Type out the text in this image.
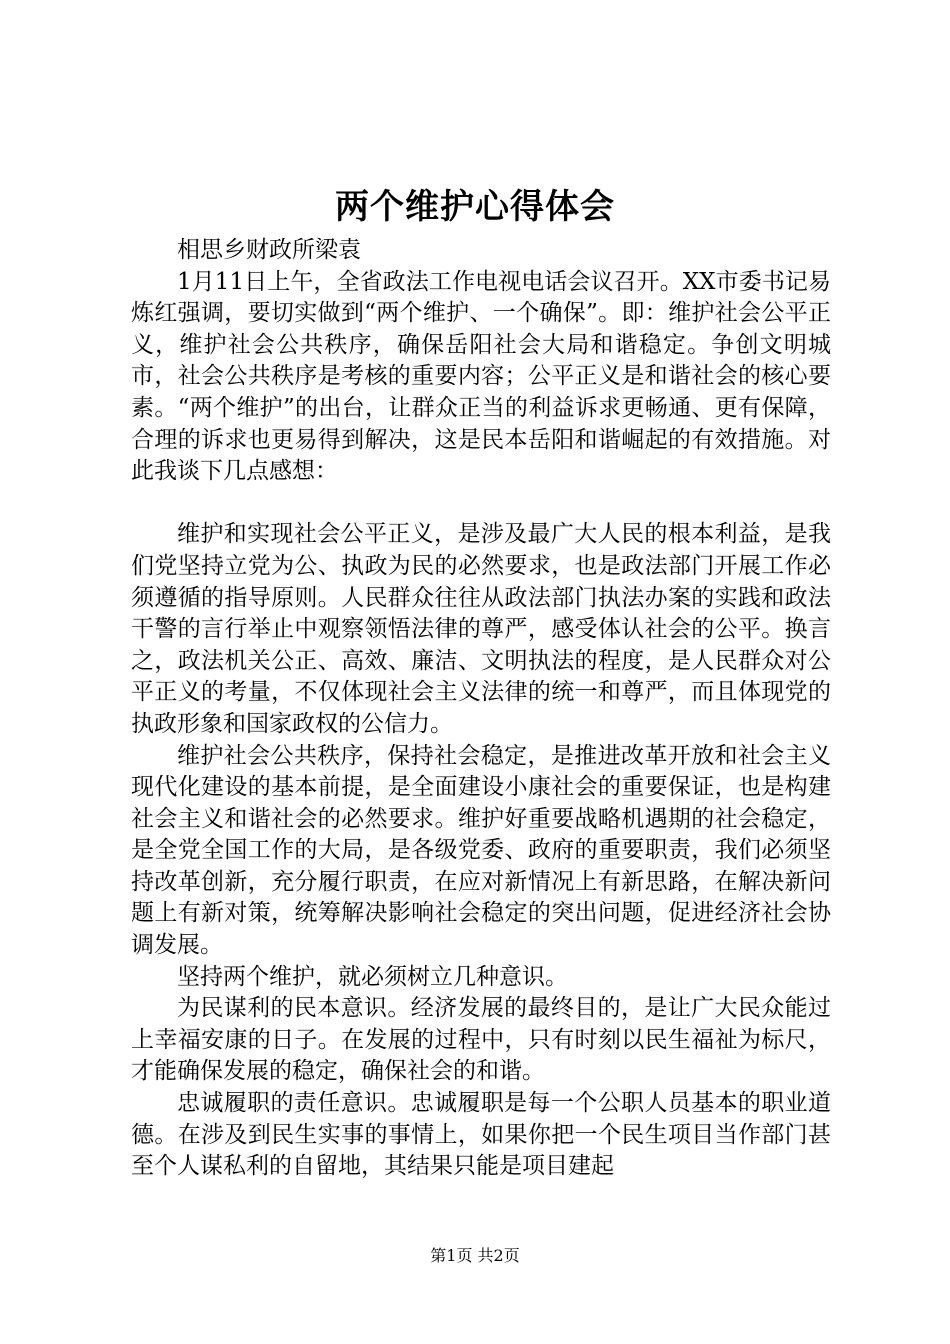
两个维护心得体会

相思乡财政所梁袁

1月11日上午，全省政法工作电视电话会议召开。XX市委书记易炼红强调，要切实做到“两个维护、一个确保”。即：维护社会公平正义，维护社会公共秩序，确保岳阳社会大局和谐稳定。争创文明城市，社会公共秩序是考核的重要内容；公平正义是和谐社会的核心要素。“两个维护”的出台，让群众正当的利益诉求更畅通、更有保障，合理的诉求也更易得到解决，这是民本岳阳和谐崛起的有效措施。对此我谈下几点感想：

维护和实现社会公平正义，是涉及最广大人民的根本利益，是我们党坚持立党为公、执政为民的必然要求，也是政法部门开展工作必须遵循的指导原则。人民群众往往从政法部门执法办案的实践和政法干警的言行举止中观察领悟法律的尊严，感受体认社会的公平。换言之，政法机关公正、高效、廉洁、文明执法的程度，是人民群众对公平正义的考量，不仅体现社会主义法律的统一和尊严，而且体现党的执政形象和国家政权的公信力。

维护社会公共秩序，保持社会稳定，是推进改革开放和社会主义现代化建设的基本前提，是全面建设小康社会的重要保证，也是构建社会主义和谐社会的必然要求。维护好重要战略机遇期的社会稳定，是全党全国工作的大局，是各级党委、政府的重要职责，我们必须坚持改革创新，充分履行职责，在应对新情况上有新思路，在解决新问题上有新对策，统筹解决影响社会稳定的突出问题，促进经济社会协调发展。

坚持两个维护，就必须树立几种意识。

为民谋利的民本意识。经济发展的最终目的，是让广大民众能过上幸福安康的日子。在发展的过程中，只有时刻以民生福祉为标尺，才能确保发展的稳定，确保社会的和谐。

忠诚履职的责任意识。忠诚履职是每一个公职人员基本的职业道德。在涉及到民生实事的事情上，如果你把一个民生项目当作部门甚至个人谋私利的自留地，其结果只能是项目建起

第1页 共2页
